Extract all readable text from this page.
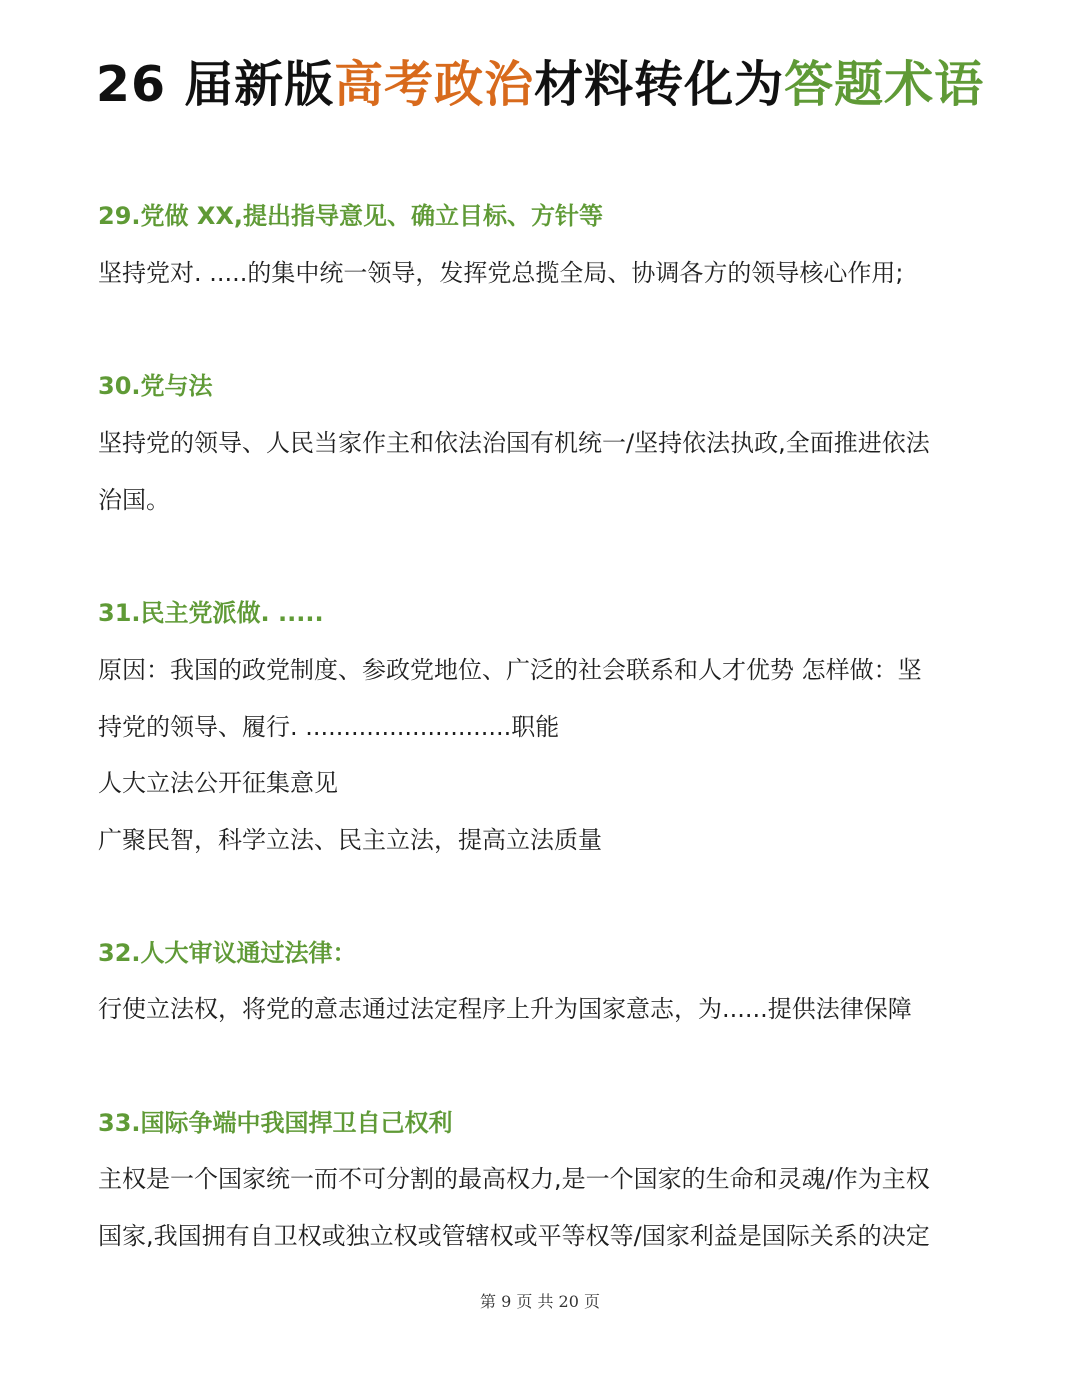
26 届新版高考政治材料转化为答题术语
29.党做 XX,提出指导意见、确立目标、方针等
坚持党对. .....的集中统一领导，发挥党总揽全局、协调各方的领导核心作用;
30.党与法
坚持党的领导、人民当家作主和依法治国有机统一/坚持依法执政,全面推进依法
治国。
31.民主党派做. .....
原因：我国的政党制度、参政党地位、广泛的社会联系和人才优势 怎样做：坚
持党的领导、履行. ...........................职能
人大立法公开征集意见
广聚民智，科学立法、民主立法，提高立法质量
32.人大审议通过法律：
行使立法权，将党的意志通过法定程序上升为国家意志，为......提供法律保障
33.国际争端中我国捍卫自己权利
主权是一个国家统一而不可分割的最高权力,是一个国家的生命和灵魂/作为主权
国家,我国拥有自卫权或独立权或管辖权或平等权等/国家利益是国际关系的决定
第 9 页 共 20 页
